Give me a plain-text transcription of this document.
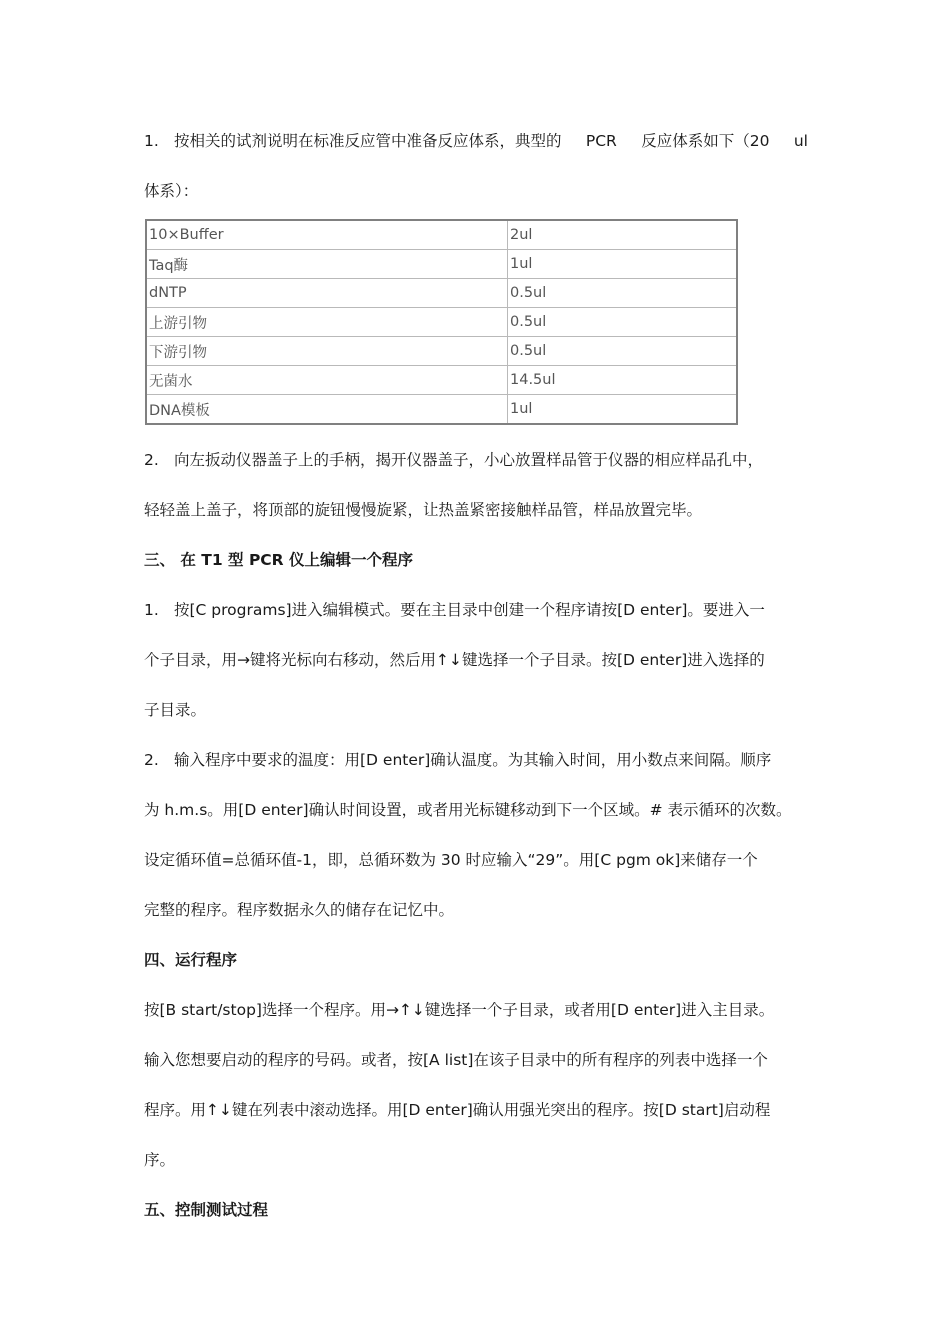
1. 按相关的试剂说明在标准反应管中准备反应体系，典型的 PCR 反应体系如下（20 ul

体系）：

10×Buffer	2ul
Taq酶	1ul
dNTP	0.5ul
上游引物	0.5ul
下游引物	0.5ul
无菌水	14.5ul
DNA模板	1ul

2. 向左扳动仪器盖子上的手柄，揭开仪器盖子，小心放置样品管于仪器的相应样品孔中，

轻轻盖上盖子，将顶部的旋钮慢慢旋紧，让热盖紧密接触样品管，样品放置完毕。

三、 在 T1 型 PCR 仪上编辑一个程序

1. 按[C programs]进入编辑模式。要在主目录中创建一个程序请按[D enter]。要进入一

个子目录，用→键将光标向右移动，然后用↑↓键选择一个子目录。按[D enter]进入选择的

子目录。

2. 输入程序中要求的温度：用[D enter]确认温度。为其输入时间，用小数点来间隔。顺序

为 h.m.s。用[D enter]确认时间设置，或者用光标键移动到下一个区域。# 表示循环的次数。

设定循环值=总循环值-1，即，总循环数为 30 时应输入“29”。用[C pgm ok]来储存一个

完整的程序。程序数据永久的储存在记忆中。

四、运行程序

按[B start/stop]选择一个程序。用→↑↓键选择一个子目录，或者用[D enter]进入主目录。

输入您想要启动的程序的号码。或者，按[A list]在该子目录中的所有程序的列表中选择一个

程序。用↑↓键在列表中滚动选择。用[D enter]确认用强光突出的程序。按[D start]启动程

序。

五、控制测试过程
